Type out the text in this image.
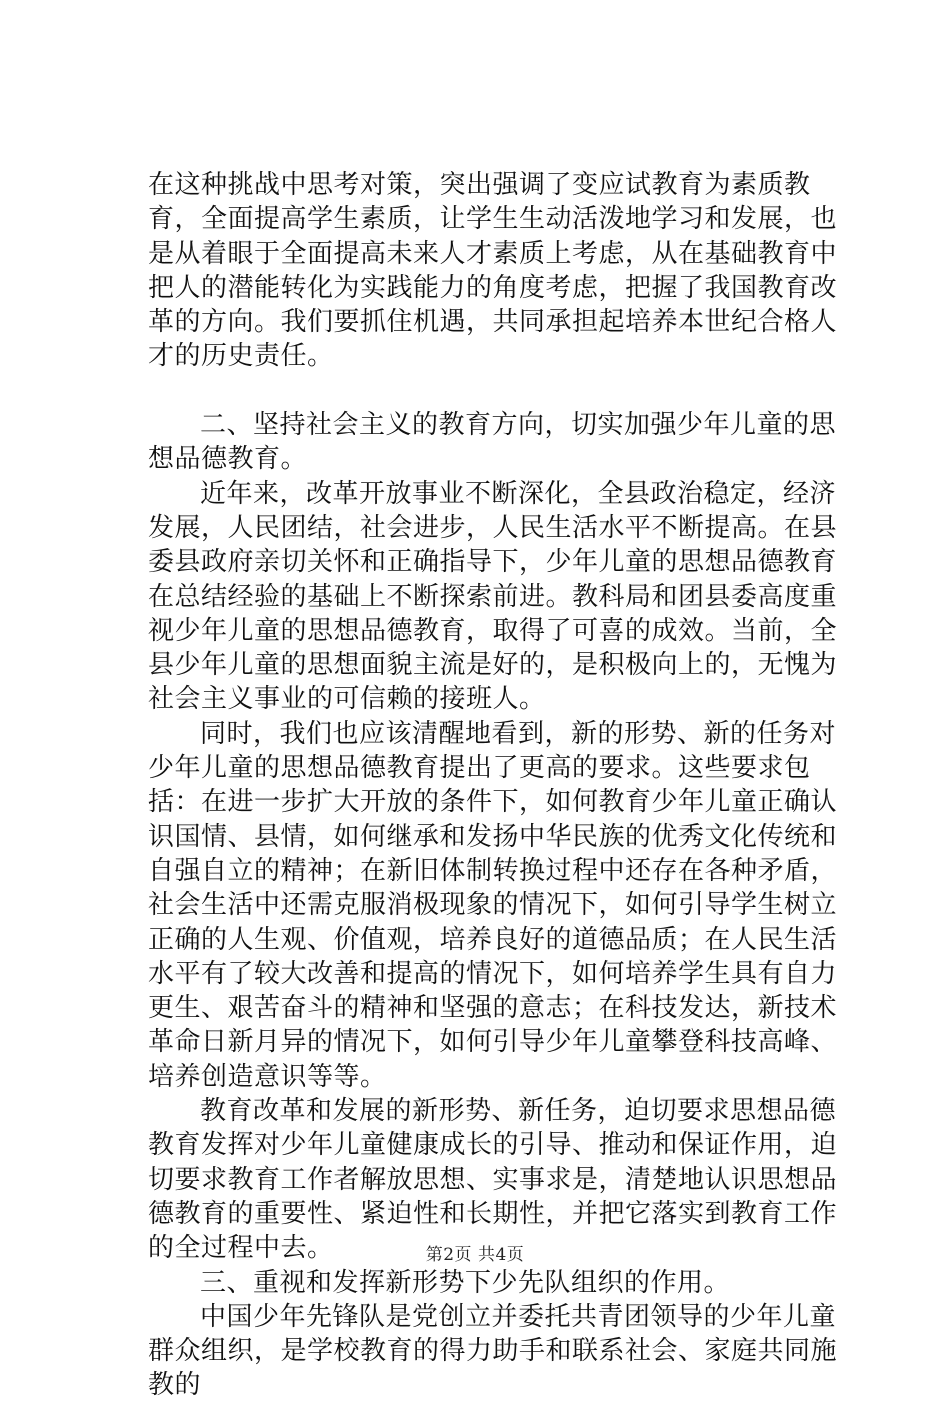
在这种挑战中思考对策，突出强调了变应试教育为素质教育，全面提高学生素质，让学生生动活泼地学习和发展，也是从着眼于全面提高未来人才素质上考虑，从在基础教育中把人的潜能转化为实践能力的角度考虑，把握了我国教育改革的方向。我们要抓住机遇，共同承担起培养本世纪合格人才的历史责任。

二、坚持社会主义的教育方向，切实加强少年儿童的思想品德教育。

近年来，改革开放事业不断深化，全县政治稳定，经济发展，人民团结，社会进步，人民生活水平不断提高。在县委县政府亲切关怀和正确指导下，少年儿童的思想品德教育在总结经验的基础上不断探索前进。教科局和团县委高度重视少年儿童的思想品德教育，取得了可喜的成效。当前，全县少年儿童的思想面貌主流是好的，是积极向上的，无愧为社会主义事业的可信赖的接班人。

同时，我们也应该清醒地看到，新的形势、新的任务对少年儿童的思想品德教育提出了更高的要求。这些要求包括：在进一步扩大开放的条件下，如何教育少年儿童正确认识国情、县情，如何继承和发扬中华民族的优秀文化传统和自强自立的精神；在新旧体制转换过程中还存在各种矛盾，社会生活中还需克服消极现象的情况下，如何引导学生树立正确的人生观、价值观，培养良好的道德品质；在人民生活水平有了较大改善和提高的情况下，如何培养学生具有自力更生、艰苦奋斗的精神和坚强的意志；在科技发达，新技术革命日新月异的情况下，如何引导少年儿童攀登科技高峰、培养创造意识等等。

教育改革和发展的新形势、新任务，迫切要求思想品德教育发挥对少年儿童健康成长的引导、推动和保证作用，迫切要求教育工作者解放思想、实事求是，清楚地认识思想品德教育的重要性、紧迫性和长期性，并把它落实到教育工作的全过程中去。

三、重视和发挥新形势下少先队组织的作用。

中国少年先锋队是党创立并委托共青团领导的少年儿童群众组织，是学校教育的得力助手和联系社会、家庭共同施教的

第2页 共4页
